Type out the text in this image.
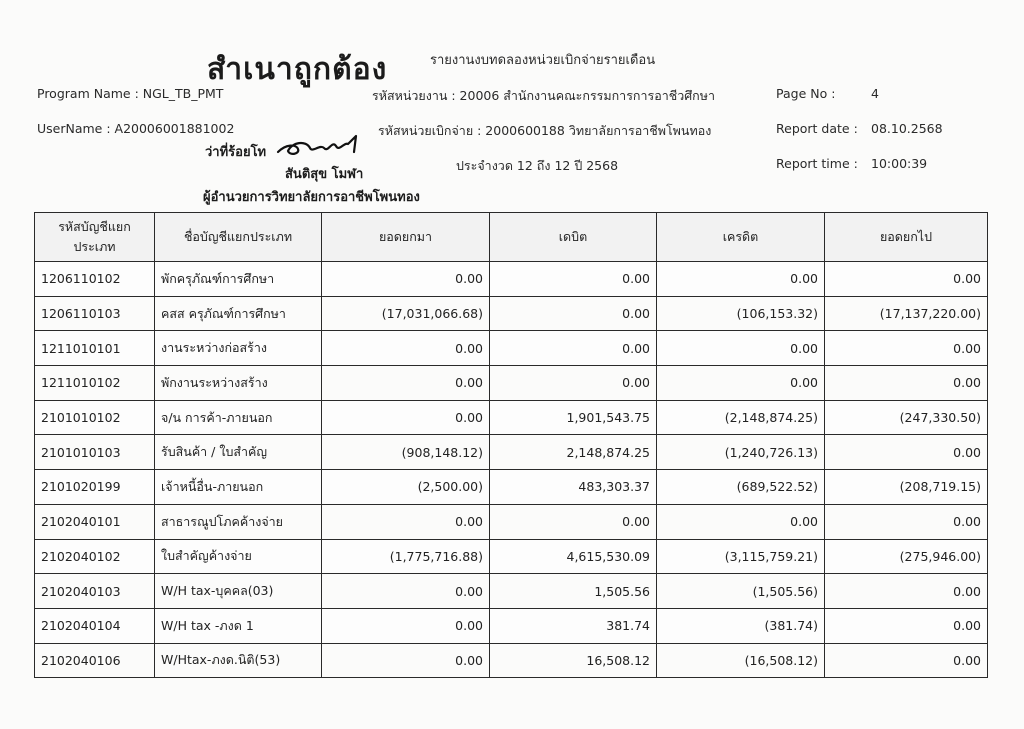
สำเนาถูกต้อง	รายงานงบทดลองหน่วยเบิกจ่ายรายเดือน
Program Name : NGL_TB_PMT	รหัสหน่วยงาน : 20006 สำนักงานคณะกรรมการการอาชีวศึกษา	Page No :	4
UserName : A20006001881002	รหัสหน่วยเบิกจ่าย : 2000600188 วิทยาลัยการอาชีพโพนทอง	Report date : 08.10.2568
ว่าที่ร้อยโท
สันติสุข โมฬา
ผู้อำนวยการวิทยาลัยการอาชีพโพนทอง
ประจำงวด 12 ถึง 12 ปี 2568	Report time : 10:00:39
รหัสบัญชีแยกประเภท	ชื่อบัญชีแยกประเภท	ยอดยกมา	เดบิต	เครดิต	ยอดยกไป
1206110102	พักครุภัณฑ์การศึกษา	0.00	0.00	0.00	0.00
1206110103	คสส ครุภัณฑ์การศึกษา	(17,031,066.68)	0.00	(106,153.32)	(17,137,220.00)
1211010101	งานระหว่างก่อสร้าง	0.00	0.00	0.00	0.00
1211010102	พักงานระหว่างสร้าง	0.00	0.00	0.00	0.00
2101010102	จ/น การค้า-ภายนอก	0.00	1,901,543.75	(2,148,874.25)	(247,330.50)
2101010103	รับสินค้า / ใบสำคัญ	(908,148.12)	2,148,874.25	(1,240,726.13)	0.00
2101020199	เจ้าหนี้อื่น-ภายนอก	(2,500.00)	483,303.37	(689,522.52)	(208,719.15)
2102040101	สาธารณูปโภคค้างจ่าย	0.00	0.00	0.00	0.00
2102040102	ใบสำคัญค้างจ่าย	(1,775,716.88)	4,615,530.09	(3,115,759.21)	(275,946.00)
2102040103	W/H tax-บุคคล(03)	0.00	1,505.56	(1,505.56)	0.00
2102040104	W/H tax -ภงด 1	0.00	381.74	(381.74)	0.00
2102040106	W/Htax-ภงด.นิติ(53)	0.00	16,508.12	(16,508.12)	0.00
